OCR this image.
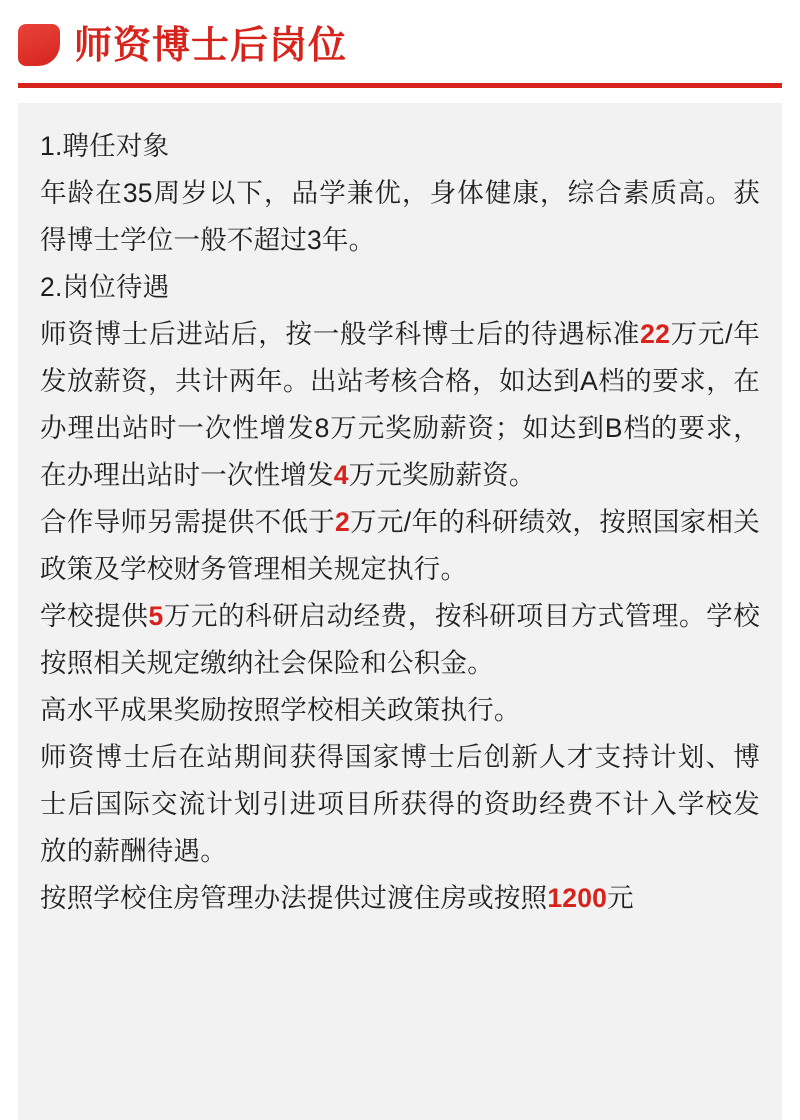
师资博士后岗位

1.聘任对象

年龄在35周岁以下，品学兼优，身体健康，综合素质高。获得博士学位一般不超过3年。

2.岗位待遇

师资博士后进站后，按一般学科博士后的待遇标准22万元/年发放薪资，共计两年。出站考核合格，如达到A档的要求，在办理出站时一次性增发8万元奖励薪资；如达到B档的要求，在办理出站时一次性增发4万元奖励薪资。

合作导师另需提供不低于2万元/年的科研绩效，按照国家相关政策及学校财务管理相关规定执行。

学校提供5万元的科研启动经费，按科研项目方式管理。学校按照相关规定缴纳社会保险和公积金。

高水平成果奖励按照学校相关政策执行。

师资博士后在站期间获得国家博士后创新人才支持计划、博士后国际交流计划引进项目所获得的资助经费不计入学校发放的薪酬待遇。

按照学校住房管理办法提供过渡住房或按照1200元
